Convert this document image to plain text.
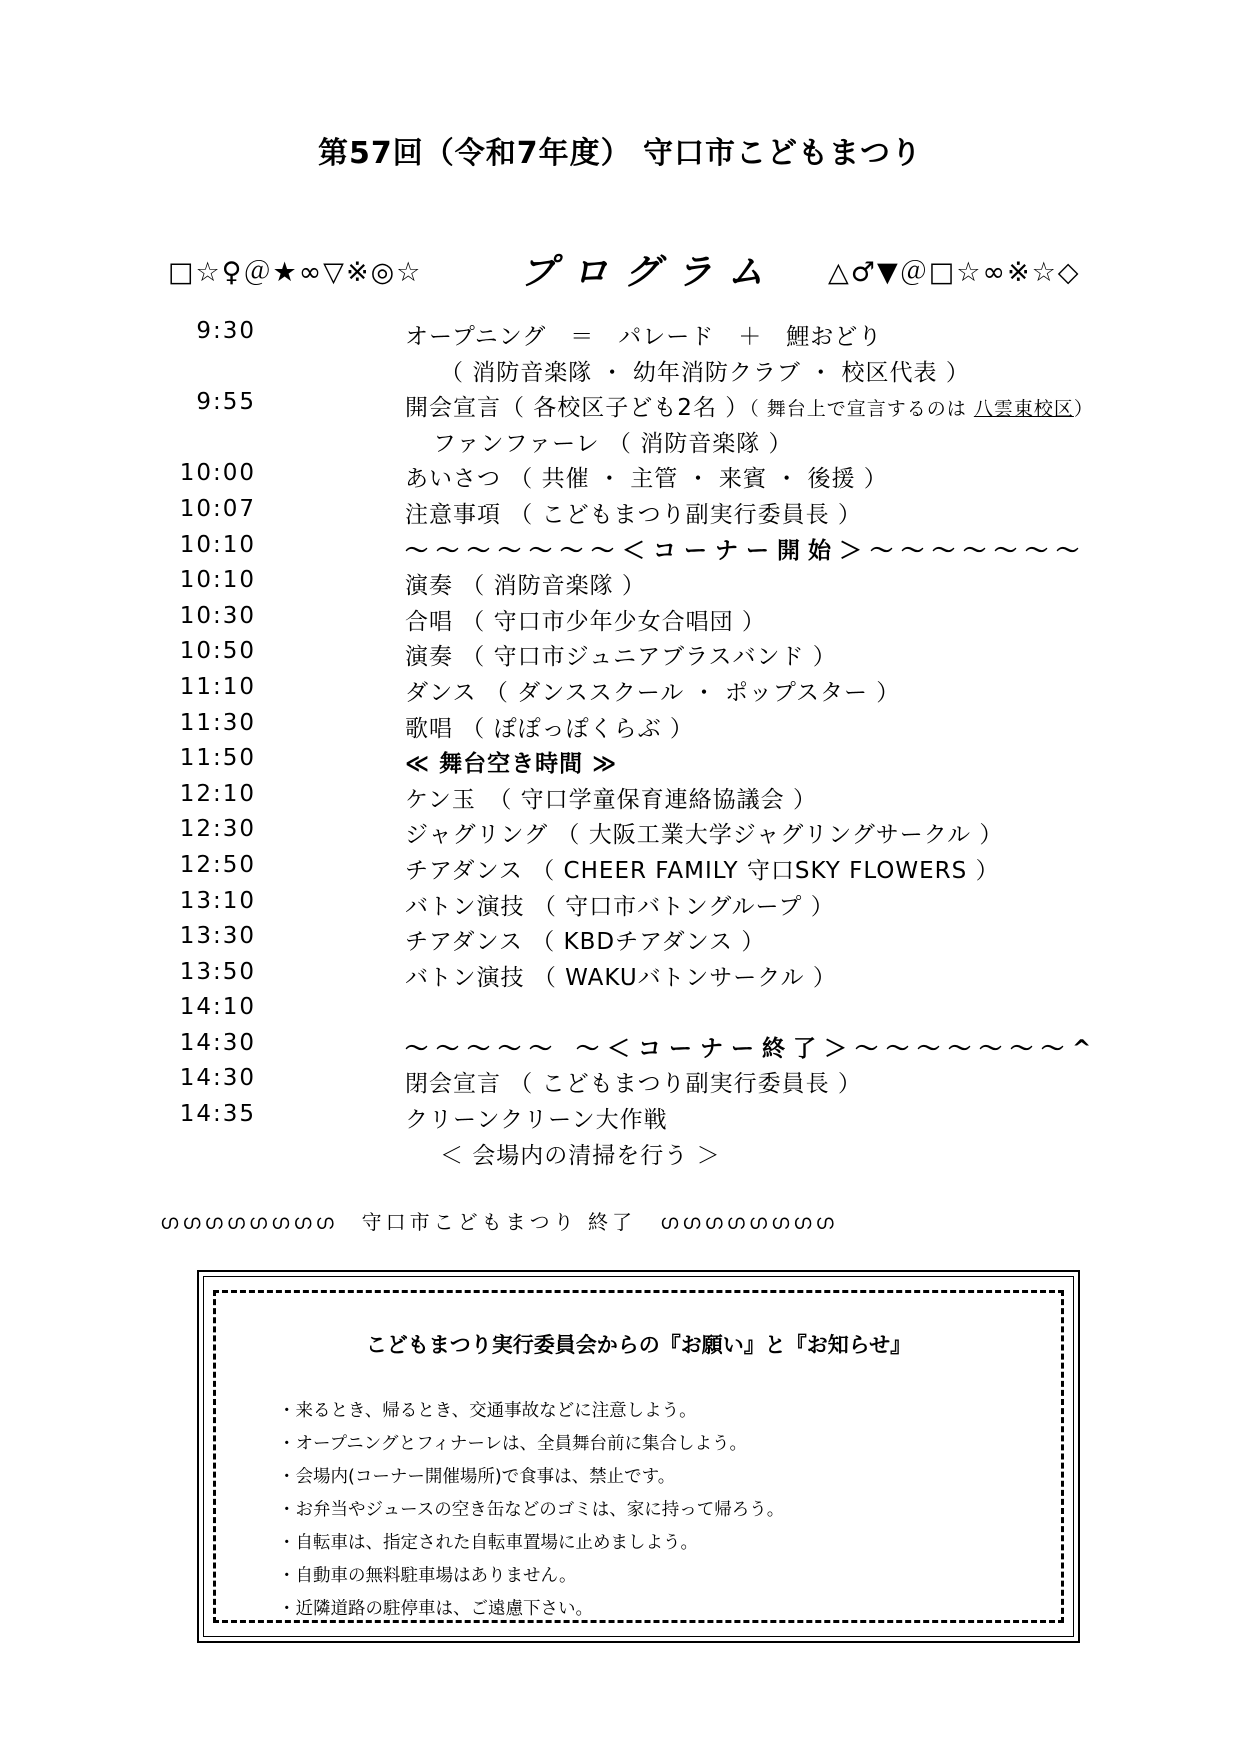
第57回（令和7年度） 守口市こどもまつり
□☆♀＠★∞▽※◎☆	プログラム △♂▼＠□☆∞※☆◇
9:30	オープニング　＝　パレード　＋　鯉おどり
（ 消防音楽隊 ・ 幼年消防クラブ ・ 校区代表 ）
9:55	開会宣言（ 各校区子ども2名 ）（ 舞台上で宣言するのは 八雲東校区）
ファンファーレ （ 消防音楽隊 ）
10:00	あいさつ （ 共催 ・ 主管 ・ 来賓 ・ 後援 ）
10:07	注意事項 （ こどもまつり副実行委員長 ）
10:10	～～～～～～～＜コーナー開始＞～～～～～～～
10:10	演奏 （ 消防音楽隊 ）
10:30	合唱 （ 守口市少年少女合唱団 ）
10:50	演奏 （ 守口市ジュニアブラスバンド ）
11:10	ダンス （ ダンススクール ・ ポップスター ）
11:30	歌唱 （ ぽぽっぽくらぶ ）
11:50	≪ 舞台空き時間 ≫
12:10	ケン玉　（ 守口学童保育連絡協議会 ）
12:30	ジャグリング （ 大阪工業大学ジャグリングサークル ）
12:50	チアダンス （ CHEER FAMILY 守口SKY FLOWERS ）
13:10	バトン演技 （ 守口市バトングループ ）
13:30	チアダンス （ KBDチアダンス ）
13:50	バトン演技 （ WAKUバトンサークル ）
14:10
14:30	～～～～～ ～＜コーナー終了＞～～～～～～～^
14:30	閉会宣言 （ こどもまつり副実行委員長 ）
14:35	クリーンクリーン大作戦
＜ 会場内の清掃を行う ＞
ഗഗഗഗഗഗഗഗ　守口市こどもまつり 終了　ഗഗഗഗഗഗഗഗ
こどもまつり実行委員会からの『お願い』と『お知らせ』
・来るとき、帰るとき、交通事故などに注意しよう。
・オープニングとフィナーレは、全員舞台前に集合しよう。
・会場内(コーナー開催場所)で食事は、禁止です。
・お弁当やジュースの空き缶などのゴミは、家に持って帰ろう。
・自転車は、指定された自転車置場に止めましよう。
・自動車の無料駐車場はありません。
・近隣道路の駐停車は、ご遠慮下さい。
